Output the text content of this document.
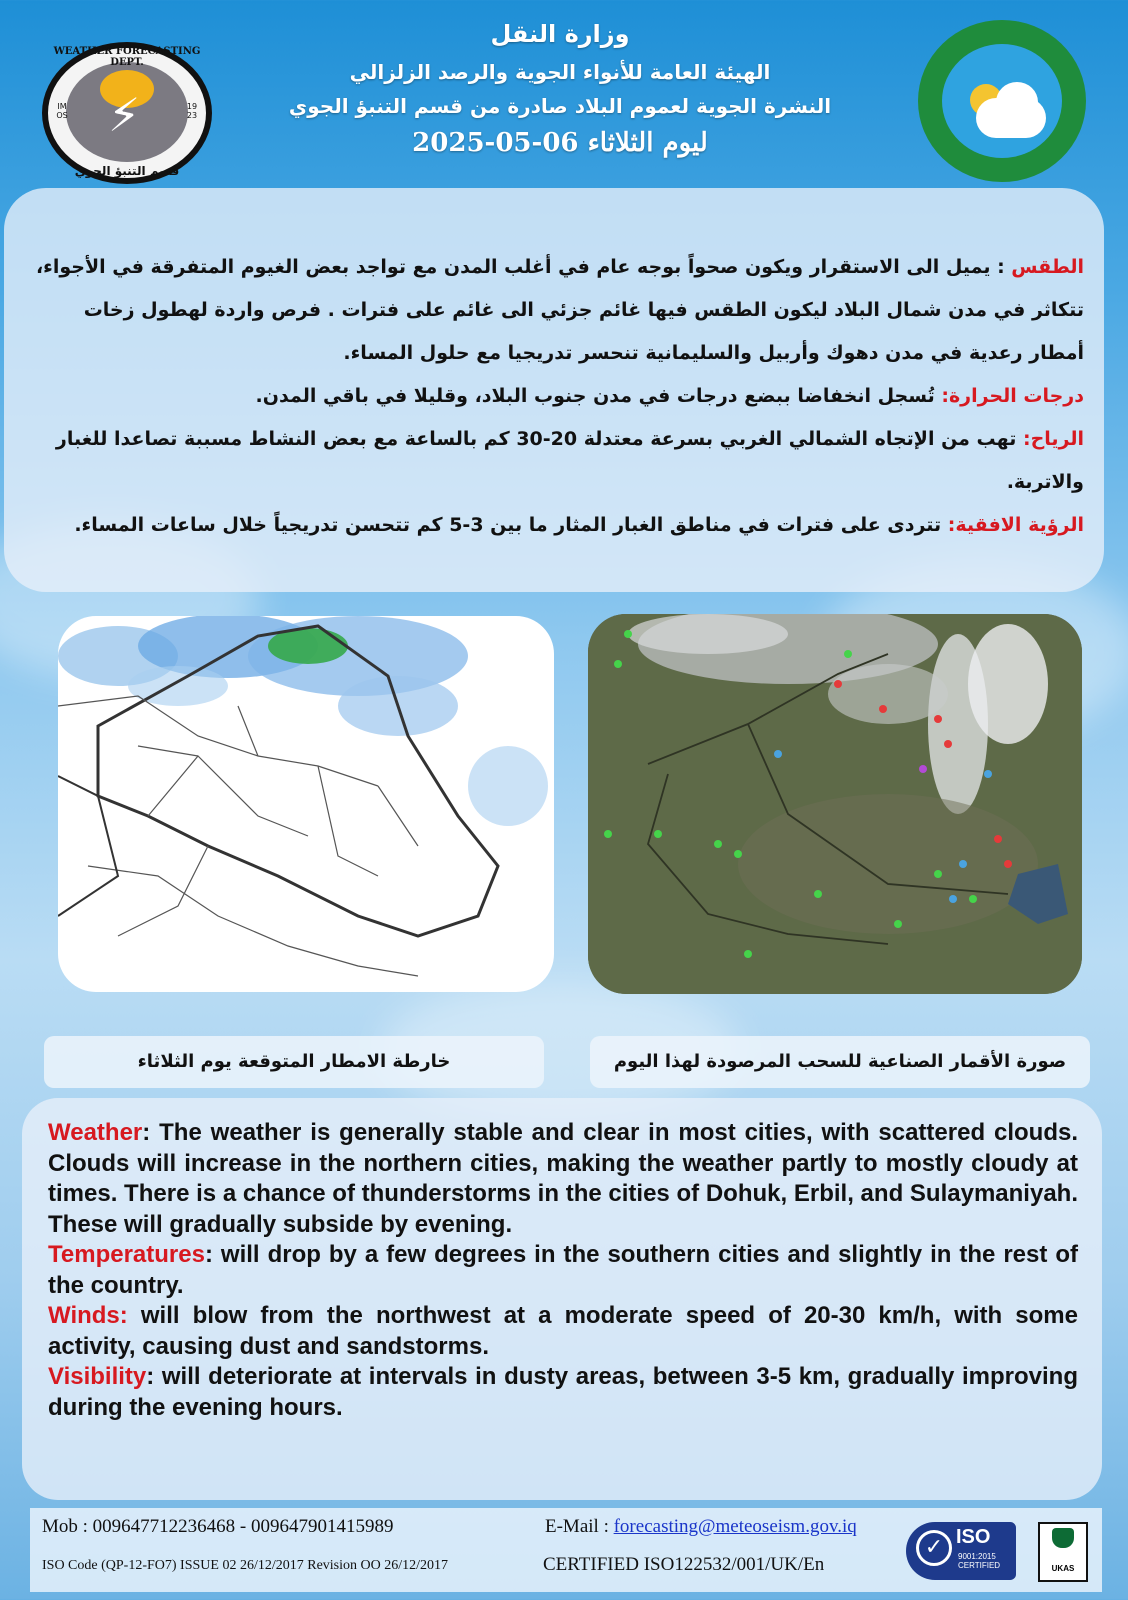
⚡
WEATHER FORECASTING DEPT.
IM OS
19 23
قسم التنبؤ الجوي
وزارة النقل
الهيئة العامة للأنواء الجوية والرصد الزلزالي
النشرة الجوية لعموم البلاد صادرة من قسم التنبؤ الجوي
ليوم الثلاثاء 06-05-2025

الطقس : يميل الى الاستقرار ويكون صحواً بوجه عام في أغلب المدن مع تواجد بعض الغيوم المتفرقة في الأجواء، تتكاثر في مدن شمال البلاد ليكون الطقس فيها غائم جزئي الى غائم على فترات . فرص واردة لهطول زخات أمطار رعدية في مدن دهوك وأربيل والسليمانية تنحسر تدريجيا مع حلول المساء.

درجات الحرارة: تُسجل انخفاضا ببضع درجات في مدن جنوب البلاد، وقليلا في باقي المدن.

الرياح: تهب من الإتجاه الشمالي الغربي بسرعة معتدلة 20-30 كم بالساعة مع بعض النشاط مسببة تصاعدا للغبار والاتربة.

الرؤية الافقية: تتردى على فترات في مناطق الغبار المثار ما بين 3-5 كم تتحسن تدريجياً خلال ساعات المساء.

خارطة الامطار المتوقعة يوم الثلاثاء	صورة الأقمار الصناعية للسحب المرصودة لهذا اليوم

Weather: The weather is generally stable and clear in most cities, with scattered clouds. Clouds will increase in the northern cities, making the weather partly to mostly cloudy at times. There is a chance of thunderstorms in the cities of Dohuk, Erbil, and Sulaymaniyah. These will gradually subside by evening.

Temperatures: will drop by a few degrees in the southern cities and slightly in the rest of the country.

Winds: will blow from the northwest at a moderate speed of 20-30 km/h, with some activity, causing dust and sandstorms.

Visibility: will deteriorate at intervals in dusty areas, between 3-5 km, gradually improving during the evening hours.

Mob : 009647712236468 - 009647901415989	E-Mail : forecasting@meteoseism.gov.iq
ISO Code (QP-12-FO7) ISSUE 02 26/12/2017 Revision OO 26/12/2017	CERTIFIED ISO122532/001/UK/En
✓ ISO
9001:2015 CERTIFIED	UKAS
